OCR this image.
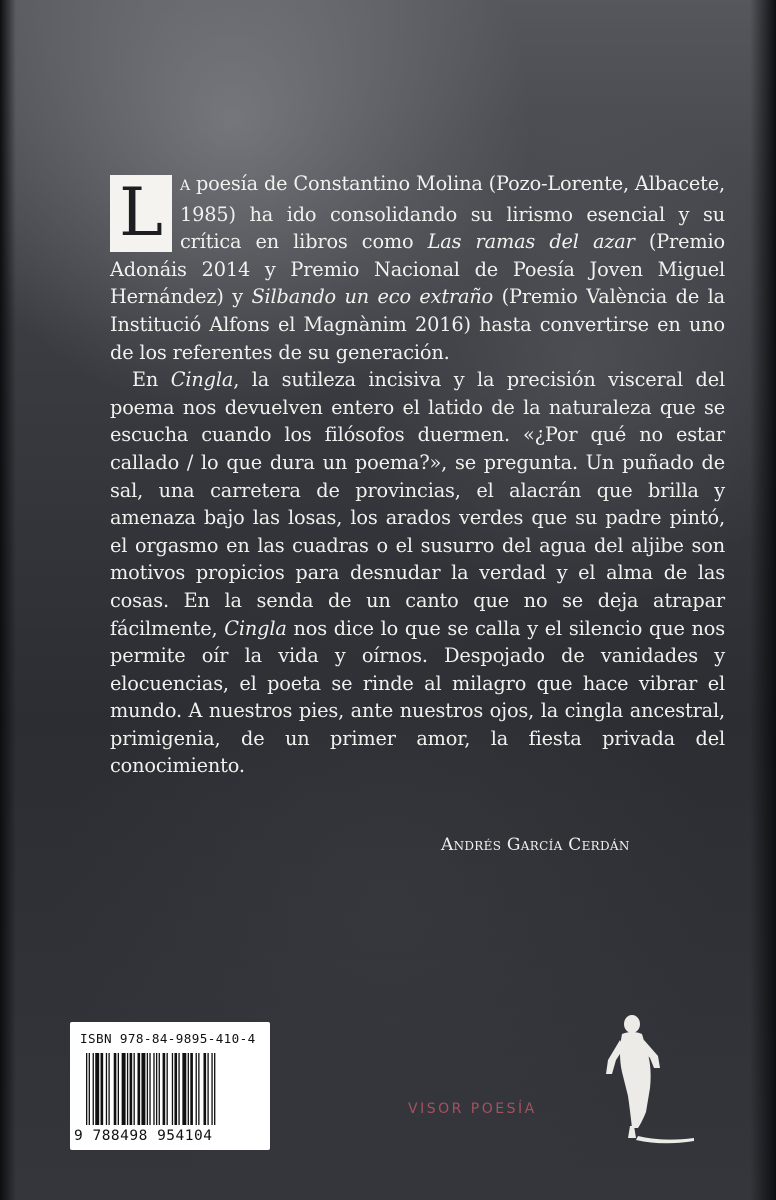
L	A poesía de Constantino Molina (Pozo-Lorente, Albacete, 1985) ha ido consolidando su lirismo esencial y su crítica en libros como Las ramas del azar (Premio Adonáis 2014 y Premio Nacional de Poesía Joven Miguel Hernández) y Silbando un eco extraño (Premio València de la Institució Alfons el Magnànim 2016) hasta convertirse en uno de los referentes de su generación.

En Cingla, la sutileza incisiva y la precisión visceral del poema nos devuelven entero el latido de la naturaleza que se escucha cuando los filósofos duermen. «¿Por qué no estar callado / lo que dura un poema?», se pregunta. Un puñado de sal, una carretera de provincias, el alacrán que brilla y amenaza bajo las losas, los arados verdes que su padre pintó, el orgasmo en las cuadras o el susurro del agua del aljibe son motivos propicios para desnudar la verdad y el alma de las cosas. En la senda de un canto que no se deja atrapar fácilmente, Cingla nos dice lo que se calla y el silencio que nos permite oír la vida y oírnos. Despojado de vanidades y elocuencias, el poeta se rinde al milagro que hace vibrar el mundo. A nuestros pies, ante nuestros ojos, la cingla ancestral, primigenia, de un primer amor, la fiesta privada del conocimiento.

Andrés García Cerdán
ISBN 978-84-9895-410-4
9 788498 954104
VISOR POESÍA
